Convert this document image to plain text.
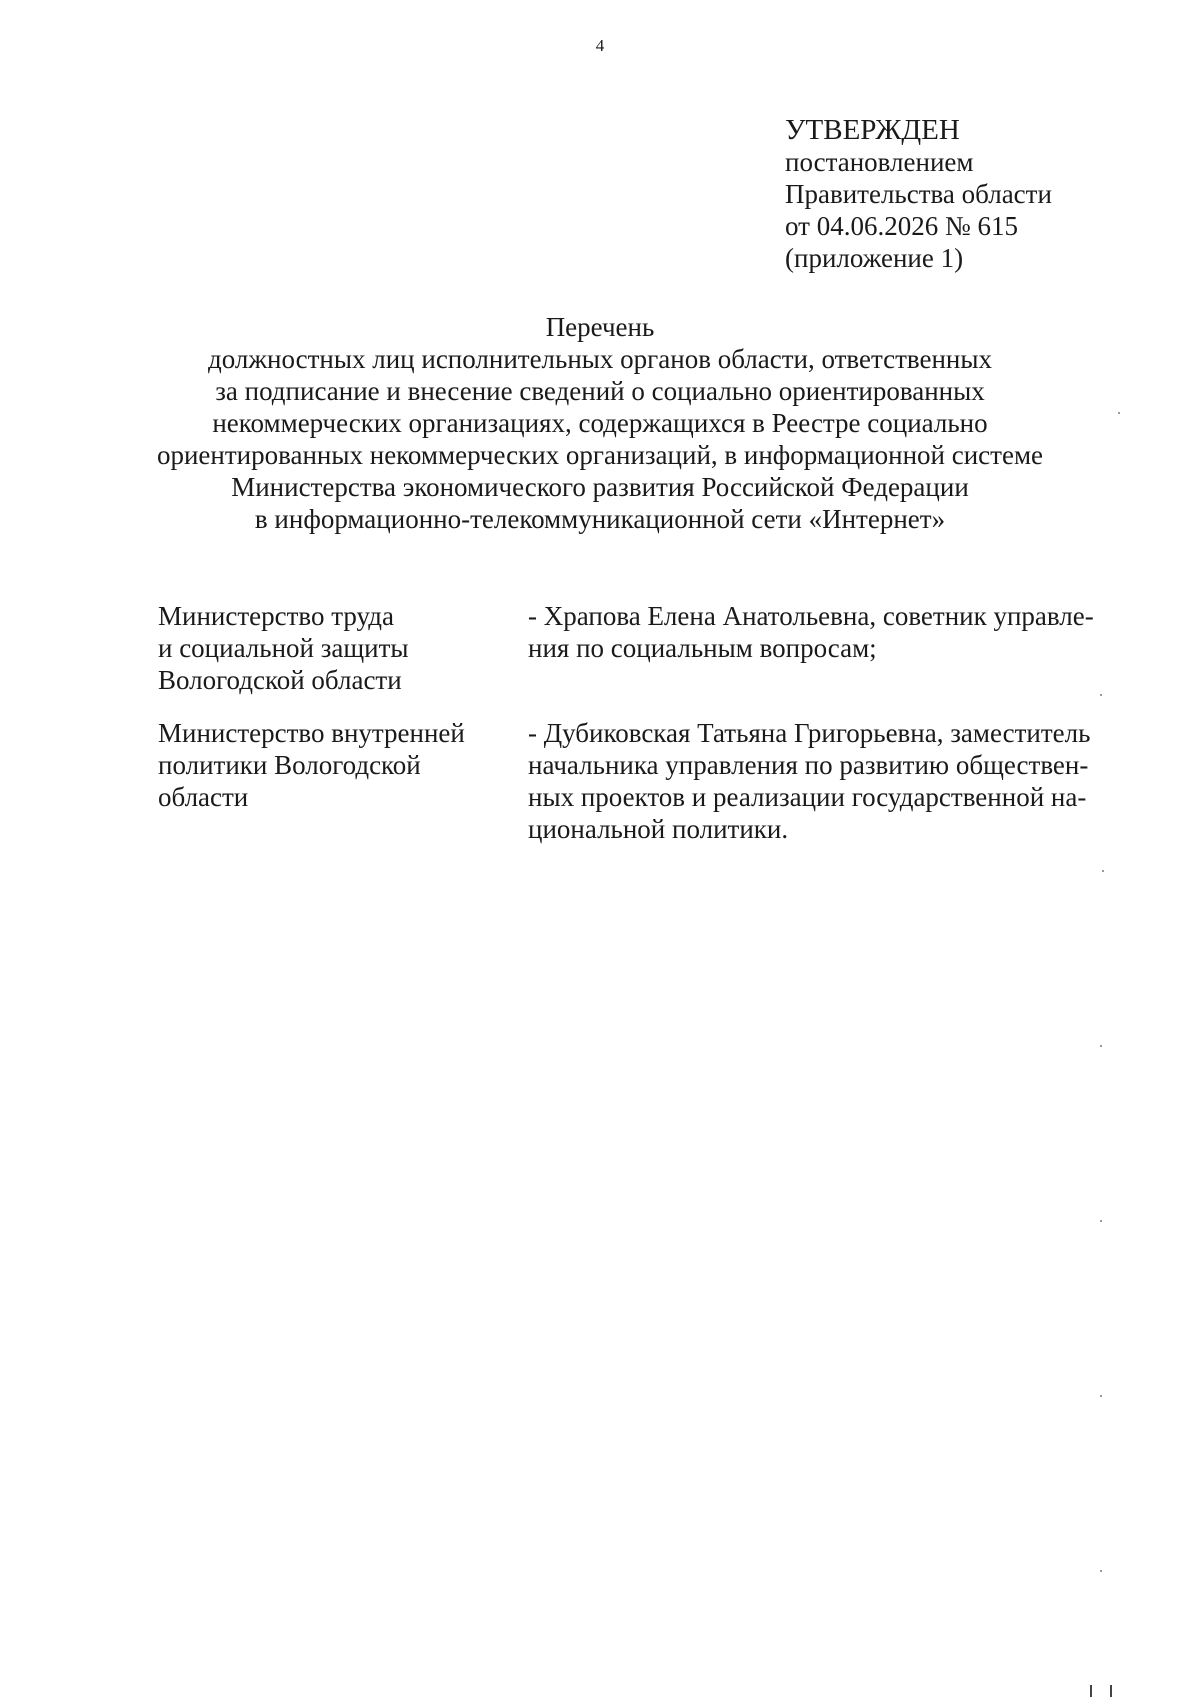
4
УТВЕРЖДЕН
постановлением
Правительства области
от 04.06.2026 № 615
(приложение 1)
Перечень
должностных лиц исполнительных органов области, ответственных
за подписание и внесение сведений о социально ориентированных
некоммерческих организациях, содержащихся в Реестре социально
ориентированных некоммерческих организаций, в информационной системе
Министерства экономического развития Российской Федерации
в информационно-телекоммуникационной сети «Интернет»
Министерство труда
и социальной защиты
Вологодской области
- Храпова Елена Анатольевна, советник управле-
ния по социальным вопросам;
Министерство внутренней
политики Вологодской
области
- Дубиковская Татьяна Григорьевна, заместитель
начальника управления по развитию обществен-
ных проектов и реализации государственной на-
циональной политики.
